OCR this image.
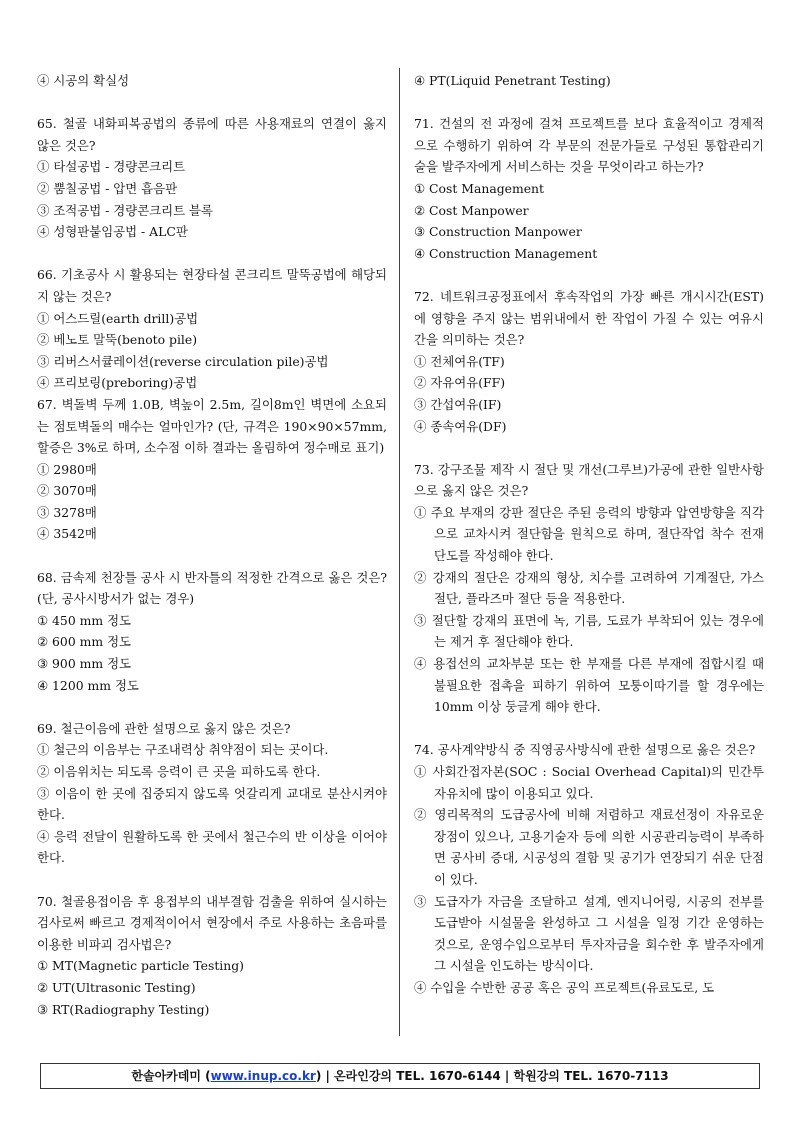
④ 시공의 확실성

65. 철골 내화피복공법의 종류에 따른 사용재료의 연결이 옳지 않은 것은?

① 타설공법 - 경량콘크리트
② 뿜칠공법 - 압면 흡음판
③ 조적공법 - 경량콘크리트 블록
④ 성형판붙임공법 - ALC판

66. 기초공사 시 활용되는 현장타설 콘크리트 말뚝공법에 해당되지 않는 것은?

① 어스드릴(earth drill)공법
② 베노토 말뚝(benoto pile)
③ 리버스서큘레이션(reverse circulation pile)공법
④ 프리보링(preboring)공법

67. 벽돌벽 두께 1.0B, 벽높이 2.5m, 길이8m인 벽면에 소요되는 점토벽돌의 매수는 얼마인가? (단, 규격은 190×90×57mm, 할증은 3%로 하며, 소수점 이하 결과는 올림하여 정수매로 표기)

① 2980매
② 3070매
③ 3278매
④ 3542매

68. 금속제 천장틀 공사 시 반자틀의 적정한 간격으로 옳은 것은? (단, 공사시방서가 없는 경우)

① 450 mm 정도
② 600 mm 정도
③ 900 mm 정도
④ 1200 mm 정도

69. 철근이음에 관한 설명으로 옳지 않은 것은?

① 철근의 이음부는 구조내력상 취약점이 되는 곳이다.
② 이음위치는 되도록 응력이 큰 곳을 피하도록 한다.

③ 이음이 한 곳에 집중되지 않도록 엇갈리게 교대로 분산시켜야 한다.

④ 응력 전달이 원활하도록 한 곳에서 철근수의 반 이상을 이어야 한다.

70. 철골용접이음 후 용접부의 내부결함 검출을 위하여 실시하는 검사로써 빠르고 경제적이어서 현장에서 주로 사용하는 초음파를 이용한 비파괴 검사법은?

① MT(Magnetic particle Testing)
② UT(Ultrasonic Testing)
③ RT(Radiography Testing)
④ PT(Liquid Penetrant Testing)

71. 건설의 전 과정에 걸쳐 프로젝트를 보다 효율적이고 경제적으로 수행하기 위하여 각 부문의 전문가들로 구성된 통합관리기술을 발주자에게 서비스하는 것을 무엇이라고 하는가?

① Cost Management
② Cost Manpower
③ Construction Manpower
④ Construction Management

72. 네트워크공정표에서 후속작업의 가장 빠른 개시시간(EST)에 영향을 주지 않는 범위내에서 한 작업이 가질 수 있는 여유시간을 의미하는 것은?

① 전체여유(TF)
② 자유여유(FF)
③ 간섭여유(IF)
④ 종속여유(DF)

73. 강구조물 제작 시 절단 및 개선(그루브)가공에 관한 일반사항으로 옳지 않은 것은?

① 주요 부재의 강판 절단은 주된 응력의 방향과 압연방향을 직각으로 교차시켜 절단함을 원칙으로 하며, 절단작업 착수 전재단도를 작성해야 한다.
② 강재의 절단은 강재의 형상, 치수를 고려하여 기계절단, 가스절단, 플라즈마 절단 등을 적용한다.
③ 절단할 강재의 표면에 녹, 기름, 도료가 부착되어 있는 경우에는 제거 후 절단해야 한다.
④ 용접선의 교차부분 또는 한 부재를 다른 부재에 접합시킬 때 불필요한 접촉을 피하기 위하여 모퉁이따기를 할 경우에는 10mm 이상 둥글게 해야 한다.

74. 공사계약방식 중 직영공사방식에 관한 설명으로 옳은 것은?

① 사회간접자본(SOC : Social Overhead Capital)의 민간투자유치에 많이 이용되고 있다.
② 영리목적의 도급공사에 비해 저렴하고 재료선정이 자유로운 장점이 있으나, 고용기술자 등에 의한 시공관리능력이 부족하면 공사비 증대, 시공성의 결함 및 공기가 연장되기 쉬운 단점이 있다.
③ 도급자가 자금을 조달하고 설계, 엔지니어링, 시공의 전부를 도급받아 시설물을 완성하고 그 시설을 일정 기간 운영하는 것으로, 운영수입으로부터 투자자금을 회수한 후 발주자에게 그 시설을 인도하는 방식이다.
④ 수입을 수반한 공공 혹은 공익 프로젝트(유료도로, 도
한솔아카데미 (www.inup.co.kr) | 온라인강의 TEL. 1670-6144 | 학원강의 TEL. 1670-7113
